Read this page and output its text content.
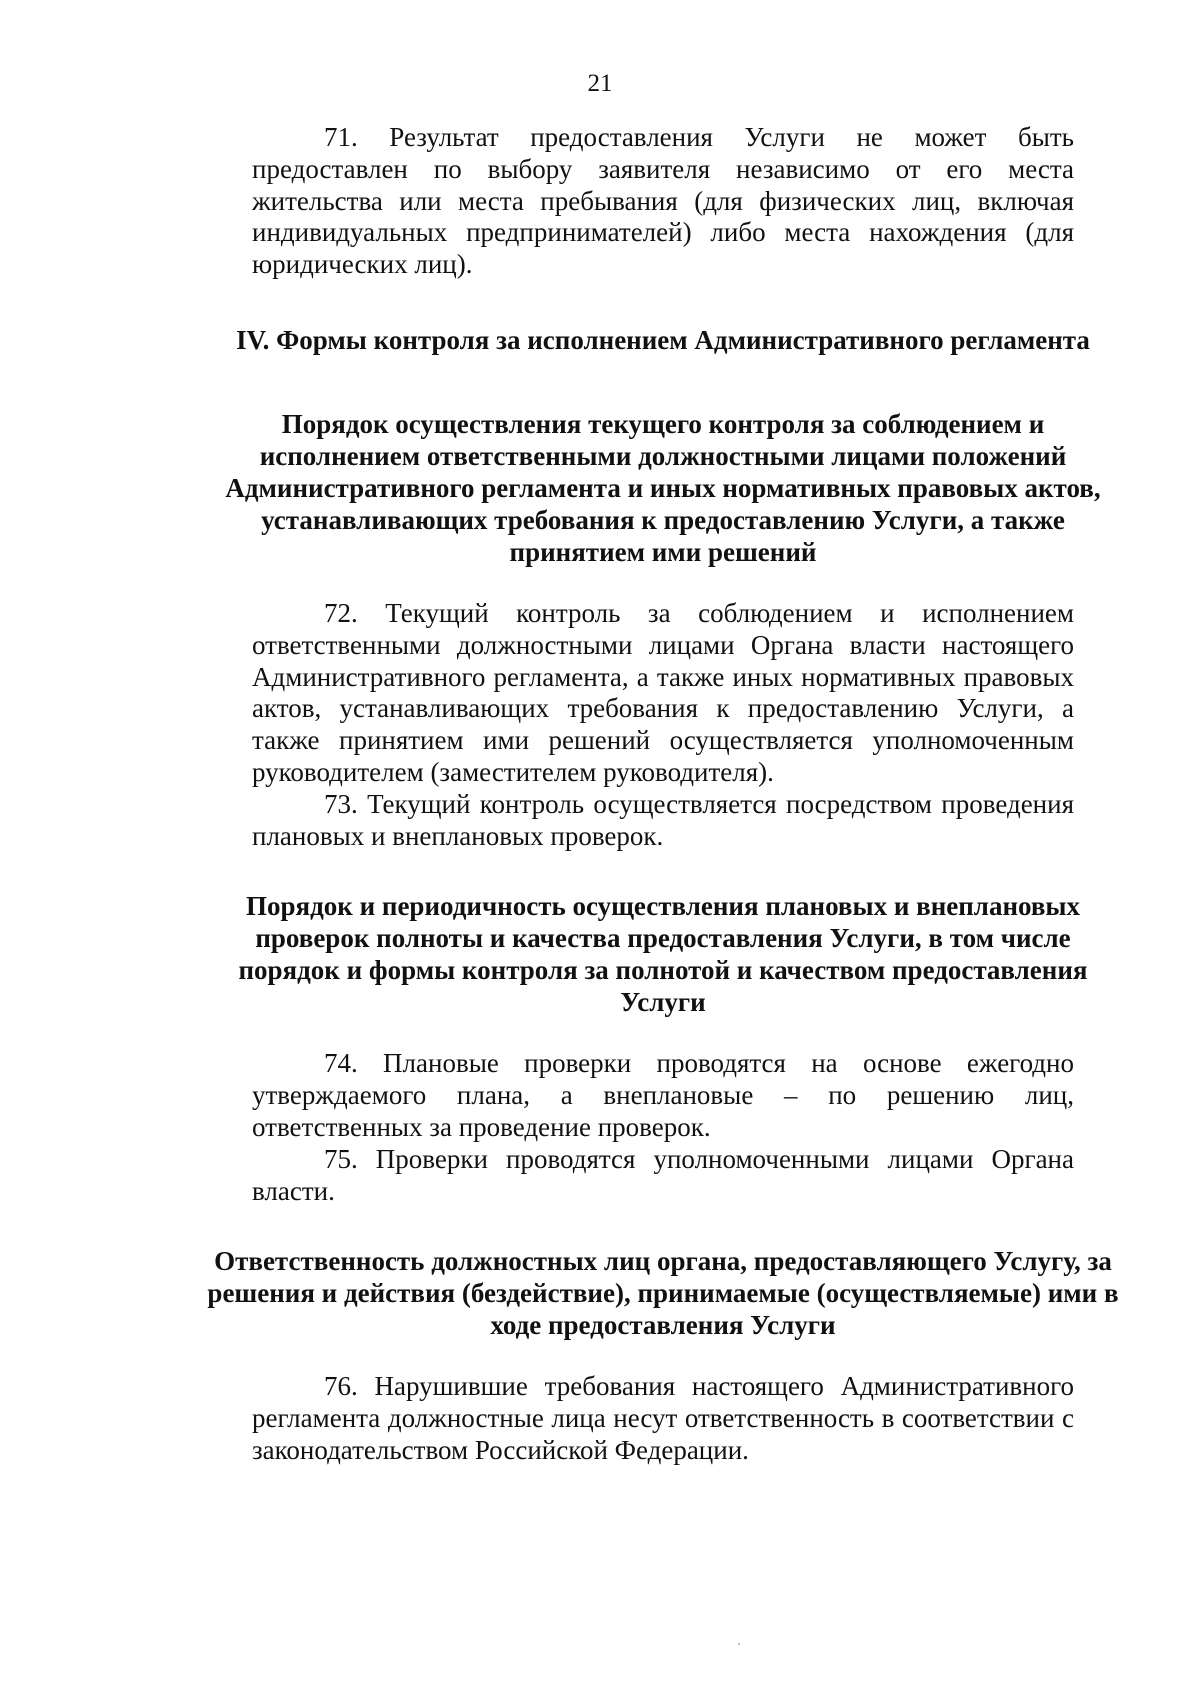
21

71. Результат предоставления Услуги не может быть предоставлен по выбору заявителя независимо от его места жительства или места пребывания (для физических лиц, включая индивидуальных предпринимателей) либо места нахождения (для юридических лиц).

IV. Формы контроля за исполнением Административного регламента

Порядок осуществления текущего контроля за соблюдением и исполнением ответственными должностными лицами положений Административного регламента и иных нормативных правовых актов, устанавливающих требования к предоставлению Услуги, а также принятием ими решений

72. Текущий контроль за соблюдением и исполнением ответственными должностными лицами Органа власти настоящего Административного регламента, а также иных нормативных правовых актов, устанавливающих требования к предоставлению Услуги, а также принятием ими решений осуществляется уполномоченным руководителем (заместителем руководителя).

73. Текущий контроль осуществляется посредством проведения плановых и внеплановых проверок.

Порядок и периодичность осуществления плановых и внеплановых проверок полноты и качества предоставления Услуги, в том числе порядок и формы контроля за полнотой и качеством предоставления Услуги

74. Плановые проверки проводятся на основе ежегодно утверждаемого плана, а внеплановые – по решению лиц, ответственных за проведение проверок.

75. Проверки проводятся уполномоченными лицами Органа власти.

Ответственность должностных лиц органа, предоставляющего Услугу, за решения и действия (бездействие), принимаемые (осуществляемые) ими в ходе предоставления Услуги

76. Нарушившие требования настоящего Административного регламента должностные лица несут ответственность в соответствии с законодательством Российской Федерации.
